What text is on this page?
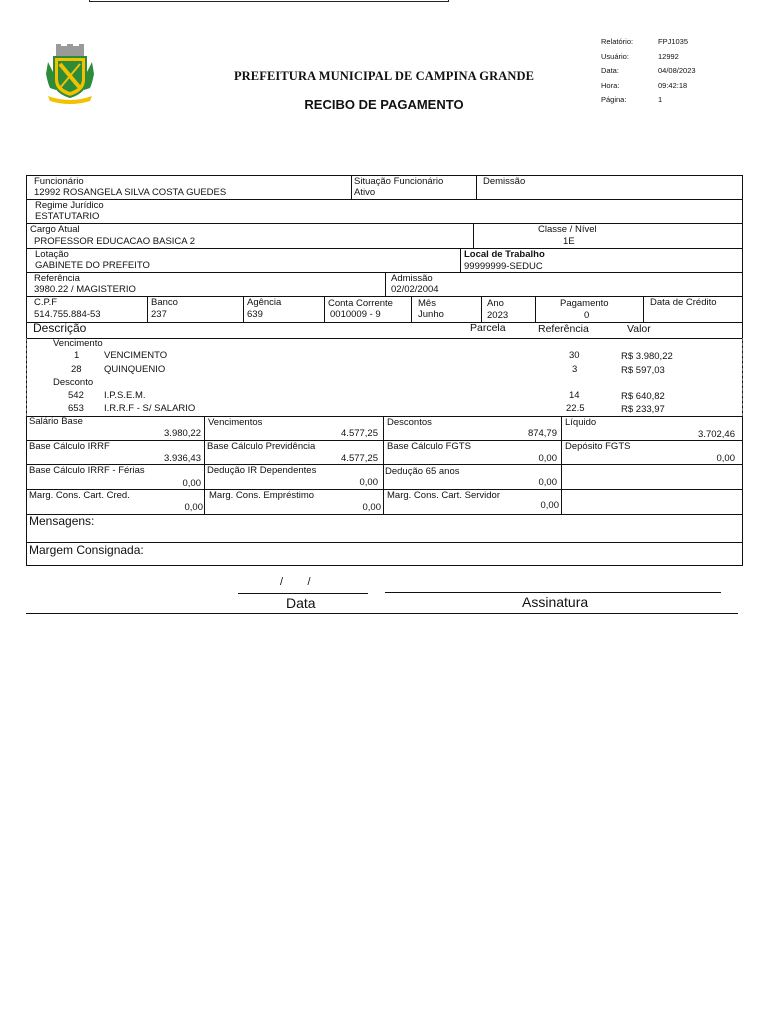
PREFEITURA MUNICIPAL DE CAMPINA GRANDE
RECIBO DE PAGAMENTO
Relatório:	FPJ1035
Usuário:	12992
Data:	04/08/2023
Hora:	09:42:18
Página:	1
Funcionário
12992 ROSANGELA SILVA COSTA GUEDES
Situação Funcionário
Ativo
Demissão
Regime Jurídico
ESTATUTARIO
Cargo Atual
PROFESSOR EDUCACAO BASICA 2
Classe / Nível
1E
Lotação
GABINETE DO PREFEITO
Local de Trabalho
99999999-SEDUC
Referência
3980.22 / MAGISTERIO
Admissão
02/02/2004
C.P.F
514.755.884-53
Banco
237
Agência
639
Conta Corrente
0010009 - 9
Mês
Junho
Ano
2023
Pagamento
0
Data de Crédito
Descrição	Parcela	Referência	Valor
Vencimento
1	VENCIMENTO	30	R$ 3.980,22
28 QUINQUENIO	3	R$ 597,03
Desconto
542 I.P.S.E.M.	14	R$ 640,82
653 I.R.R.F - S/ SALARIO	22.5	R$ 233,97
Salário Base
3.980,22
Vencimentos
4.577,25
Descontos
874,79
Líquido
3.702,46
Base Cálculo IRRF
3.936,43
Base Cálculo Previdência
4.577,25
Base Cálculo FGTS
0,00
Depósito FGTS
0,00
Base Cálculo IRRF - Férias
0,00
Dedução IR Dependentes
0,00
Dedução 65 anos
0,00
Marg. Cons. Cart. Cred.
0,00
Marg. Cons. Empréstimo
0,00
Marg. Cons. Cart. Servidor
0,00
Mensagens:
Margem Consignada:
/        /
Data	Assinatura
